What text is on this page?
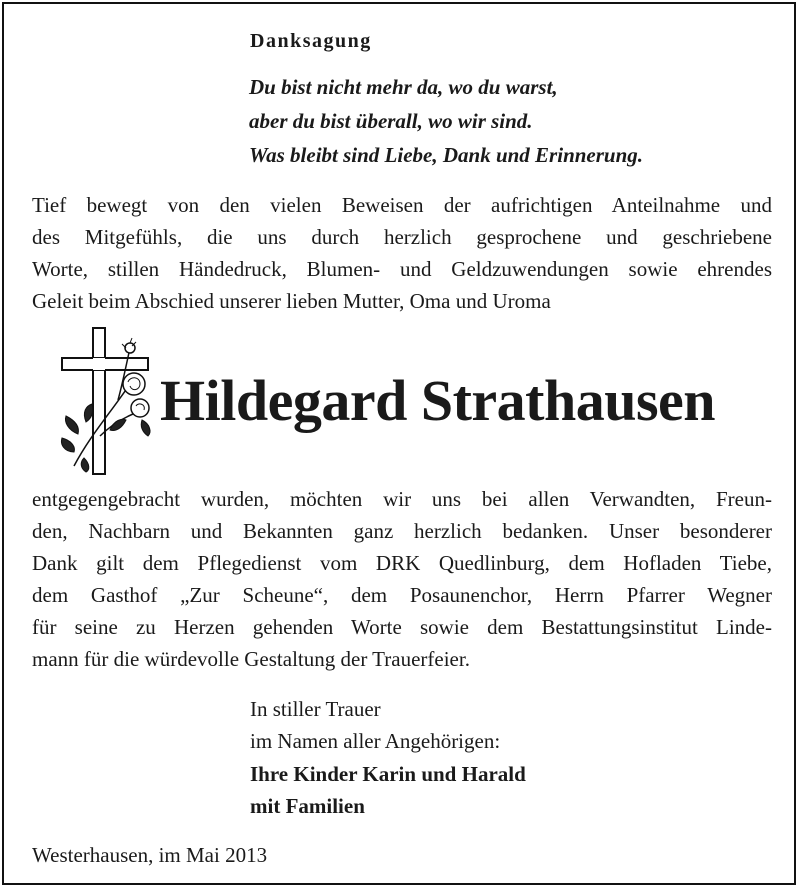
Danksagung
Du bist nicht mehr da, wo du warst,
aber du bist überall, wo wir sind.
Was bleibt sind Liebe, Dank und Erinnerung.
Tief bewegt von den vielen Beweisen der aufrichtigen Anteilnahme und
des Mitgefühls, die uns durch herzlich gesprochene und geschriebene
Worte, stillen Händedruck, Blumen- und Geldzuwendungen sowie ehrendes
Geleit beim Abschied unserer lieben Mutter, Oma und Uroma
Hildegard Strathausen
entgegengebracht wurden, möchten wir uns bei allen Verwandten, Freun-
den, Nachbarn und Bekannten ganz herzlich bedanken. Unser besonderer
Dank gilt dem Pflegedienst vom DRK Quedlinburg, dem Hofladen Tiebe,
dem Gasthof „Zur Scheune“, dem Posaunenchor, Herrn Pfarrer Wegner
für seine zu Herzen gehenden Worte sowie dem Bestattungsinstitut Linde-
mann für die würdevolle Gestaltung der Trauerfeier.
In stiller Trauer
im Namen aller Angehörigen:
Ihre Kinder Karin und Harald
mit Familien
Westerhausen, im Mai 2013
